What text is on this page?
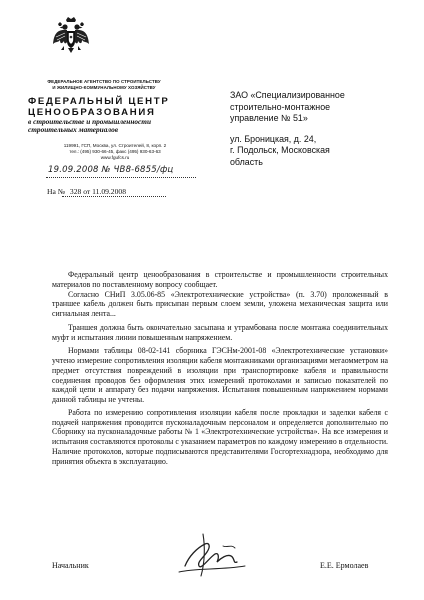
ФЕДЕРАЛЬНОЕ АГЕНТСТВО ПО СТРОИТЕЛЬСТВУ
И ЖИЛИЩНО-КОММУНАЛЬНОМУ ХОЗЯЙСТВУ
ФЕДЕРАЛЬНЫЙ ЦЕНТР
ЦЕНООБРАЗОВАНИЯ
в строительстве и промышленности
строительных материалов
119991, ГСП, Москва, ул. Строителей, 8, корп. 2
тел.: (495) 930-66-45, факс (495) 930-63-63
www.fgufcs.ru
19.09.2008 № ЧВ8-6855/фц
На № 328 от 11.09.2008
ЗАО «Специализированное
строительно-монтажное
управление № 51»
ул. Броницкая, д. 24,
г. Подольск, Московская
область

Федеральный центр ценообразования в строительстве и промышленности строительных материалов по поставленному вопросу сообщает.

Согласно СНиП 3.05.06-85 «Электротехнические устройства» (п. 3.70) проложенный в траншее кабель должен быть присыпан первым слоем земли, уложена механическая защита или сигнальная лента...

Траншея должна быть окончательно засыпана и утрамбована после монтажа соединительных муфт и испытания линии повышенным напряжением.

Нормами таблицы 08-02-141 сборника ГЭСНм-2001-08 «Электротехнические установки» учтено измерение сопротивления изоляции кабеля монтажниками организациями мегаомметром на предмет отсутствия повреждений в изоляции при транспортировке кабеля и правильности соединения проводов без оформления этих измерений протоколами и записью показателей по каждой цепи и аппарату без подачи напряжения. Испытания повышенным напряжением нормами данной таблицы не учтены.

Работа по измерению сопротивления изоляции кабеля после прокладки и заделки кабеля с подачей напряжения проводится пусконаладочным персоналом и определяется дополнительно по Сборнику на пусконаладочные работы № 1 «Электротехнические устройства». На все измерения и испытания составляются протоколы с указанием параметров по каждому измерению в отдельности. Наличие протоколов, которые подписываются представителями Госгортехнадзора, необходимо для принятия объекта в эксплуатацию.

Начальник	Е.Е. Ермолаев
